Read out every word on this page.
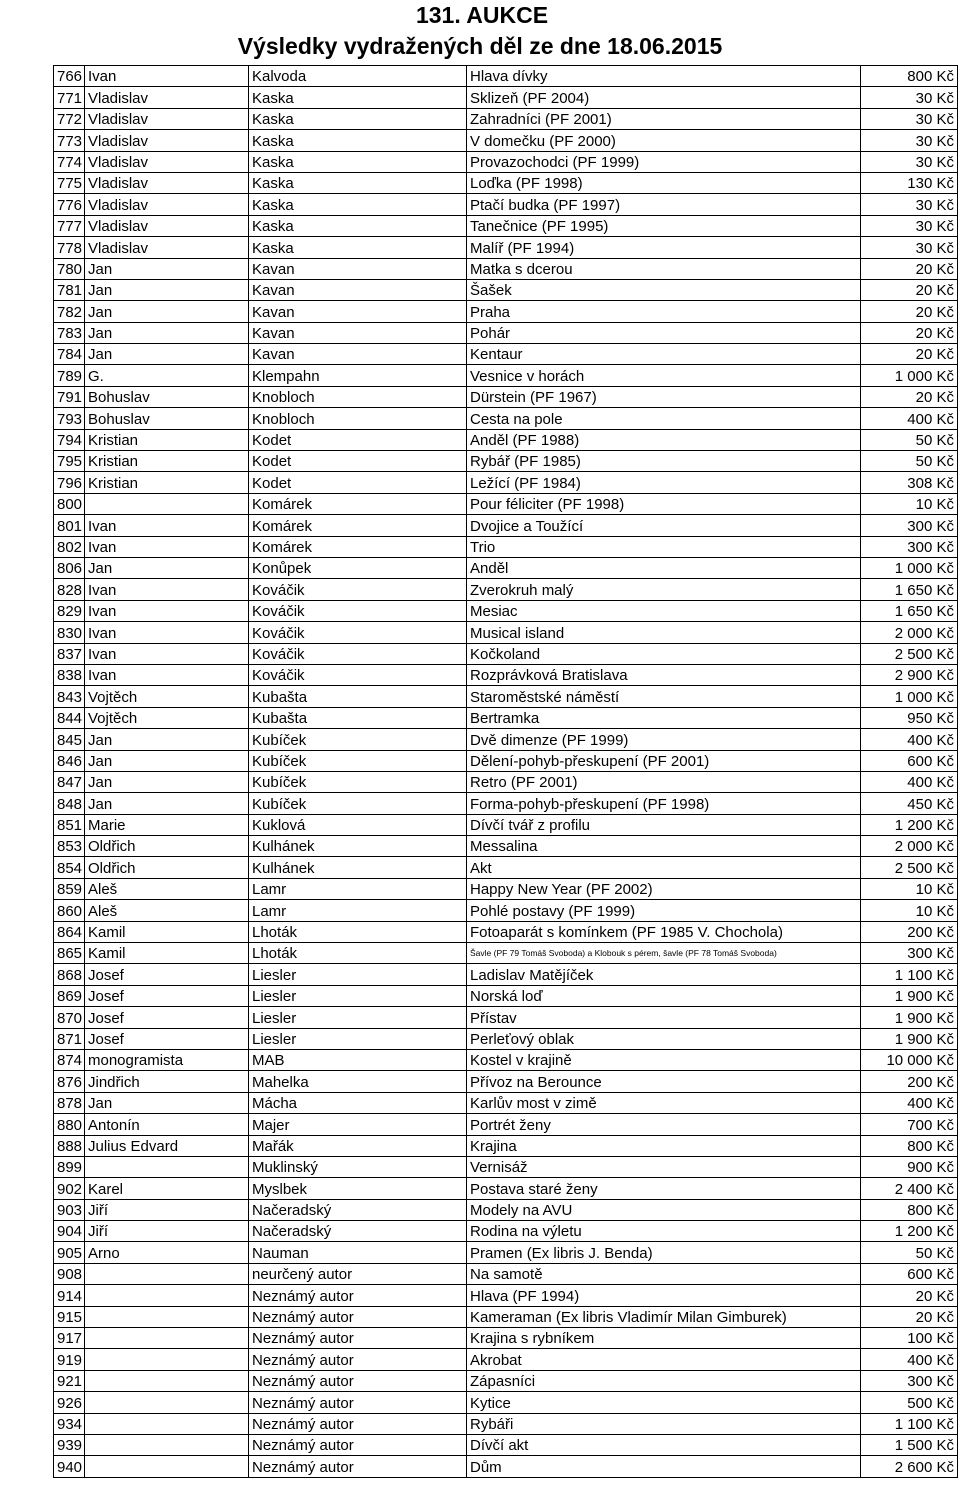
131. AUKCE
Výsledky vydražených děl ze dne 18.06.2015
766	Ivan	Kalvoda	Hlava dívky	800 Kč
771	Vladislav	Kaska	Sklizeň (PF 2004)	30 Kč
772	Vladislav	Kaska	Zahradníci (PF 2001)	30 Kč
773	Vladislav	Kaska	V domečku (PF 2000)	30 Kč
774	Vladislav	Kaska	Provazochodci (PF 1999)	30 Kč
775	Vladislav	Kaska	Loďka (PF 1998)	130 Kč
776	Vladislav	Kaska	Ptačí budka (PF 1997)	30 Kč
777	Vladislav	Kaska	Tanečnice (PF 1995)	30 Kč
778	Vladislav	Kaska	Malíř (PF 1994)	30 Kč
780	Jan	Kavan	Matka s dcerou	20 Kč
781	Jan	Kavan	Šašek	20 Kč
782	Jan	Kavan	Praha	20 Kč
783	Jan	Kavan	Pohár	20 Kč
784	Jan	Kavan	Kentaur	20 Kč
789	G.	Klempahn	Vesnice v horách	1 000 Kč
791	Bohuslav	Knobloch	Dürstein (PF 1967)	20 Kč
793	Bohuslav	Knobloch	Cesta na pole	400 Kč
794	Kristian	Kodet	Anděl (PF 1988)	50 Kč
795	Kristian	Kodet	Rybář (PF 1985)	50 Kč
796	Kristian	Kodet	Ležící (PF 1984)	308 Kč
800		Komárek	Pour féliciter (PF 1998)	10 Kč
801	Ivan	Komárek	Dvojice a Toužící	300 Kč
802	Ivan	Komárek	Trio	300 Kč
806	Jan	Konůpek	Anděl	1 000 Kč
828	Ivan	Kováčik	Zverokruh malý	1 650 Kč
829	Ivan	Kováčik	Mesiac	1 650 Kč
830	Ivan	Kováčik	Musical island	2 000 Kč
837	Ivan	Kováčik	Kočkoland	2 500 Kč
838	Ivan	Kováčik	Rozprávková Bratislava	2 900 Kč
843	Vojtěch	Kubašta	Staroměstské náměstí	1 000 Kč
844	Vojtěch	Kubašta	Bertramka	950 Kč
845	Jan	Kubíček	Dvě dimenze (PF 1999)	400 Kč
846	Jan	Kubíček	Dělení-pohyb-přeskupení (PF 2001)	600 Kč
847	Jan	Kubíček	Retro (PF 2001)	400 Kč
848	Jan	Kubíček	Forma-pohyb-přeskupení (PF 1998)	450 Kč
851	Marie	Kuklová	Dívčí tvář z profilu	1 200 Kč
853	Oldřich	Kulhánek	Messalina	2 000 Kč
854	Oldřich	Kulhánek	Akt	2 500 Kč
859	Aleš	Lamr	Happy New Year (PF 2002)	10 Kč
860	Aleš	Lamr	Pohlé postavy (PF 1999)	10 Kč
864	Kamil	Lhoták	Fotoaparát s komínkem (PF 1985 V. Chochola)	200 Kč
865	Kamil	Lhoták	Šavle (PF 79 Tomáš Svoboda) a Klobouk s pérem, šavle (PF 78 Tomáš Svoboda)	300 Kč
868	Josef	Liesler	Ladislav Matějíček	1 100 Kč
869	Josef	Liesler	Norská loď	1 900 Kč
870	Josef	Liesler	Přístav	1 900 Kč
871	Josef	Liesler	Perleťový oblak	1 900 Kč
874	monogramista	MAB	Kostel v krajině	10 000 Kč
876	Jindřich	Mahelka	Přívoz na Berounce	200 Kč
878	Jan	Mácha	Karlův most v zimě	400 Kč
880	Antonín	Majer	Portrét ženy	700 Kč
888	Julius Edvard	Mařák	Krajina	800 Kč
899		Muklinský	Vernisáž	900 Kč
902	Karel	Myslbek	Postava staré ženy	2 400 Kč
903	Jiří	Načeradský	Modely na AVU	800 Kč
904	Jiří	Načeradský	Rodina na výletu	1 200 Kč
905	Arno	Nauman	Pramen (Ex libris J. Benda)	50 Kč
908		neurčený autor	Na samotě	600 Kč
914		Neznámý autor	Hlava (PF 1994)	20 Kč
915		Neznámý autor	Kameraman (Ex libris Vladimír Milan Gimburek)	20 Kč
917		Neznámý autor	Krajina s rybníkem	100 Kč
919		Neznámý autor	Akrobat	400 Kč
921		Neznámý autor	Zápasníci	300 Kč
926		Neznámý autor	Kytice	500 Kč
934		Neznámý autor	Rybáři	1 100 Kč
939		Neznámý autor	Dívčí akt	1 500 Kč
940		Neznámý autor	Dům	2 600 Kč
